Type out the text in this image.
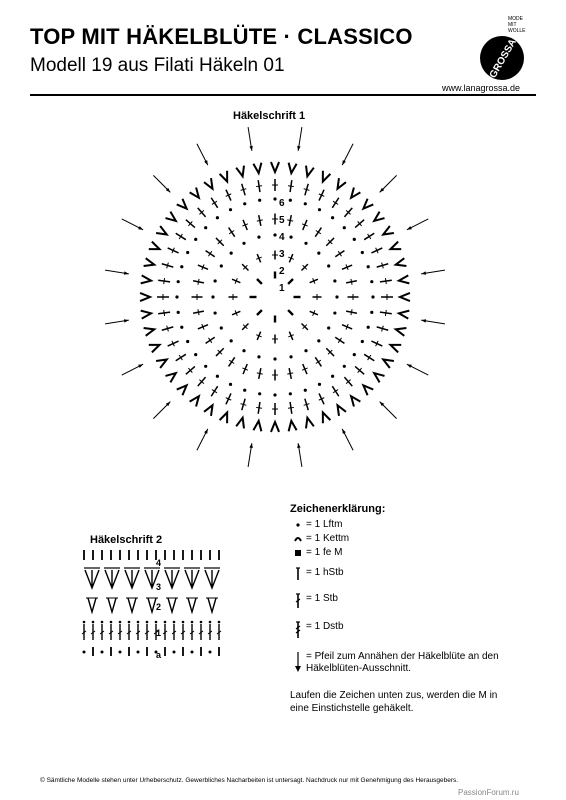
TOP MIT HÄKELBLÜTE · CLASSICO
Modell 19 aus Filati Häkeln 01
www.lanagrossa.de
MODE
MIT
WOLLE
GROSSA
Häkelschrift 1
1
2
3
4
5
6
Häkelschrift 2
a
1
2
3
4
Zeichenerklärung:
= 1 Lftm
= 1 Kettm
= 1 fe M
= 1 hStb
= 1 Stb
= 1 Dstb
= Pfeil zum Annähen der Häkelblüte an den Häkelblüten-Ausschnitt.
Laufen die Zeichen unten zus, werden die M in eine Einstichstelle gehäkelt.
© Sämtliche Modelle stehen unter Urheberschutz. Gewerbliches Nacharbeiten ist untersagt. Nachdruck nur mit Genehmigung des Herausgebers.
PassionForum.ru
